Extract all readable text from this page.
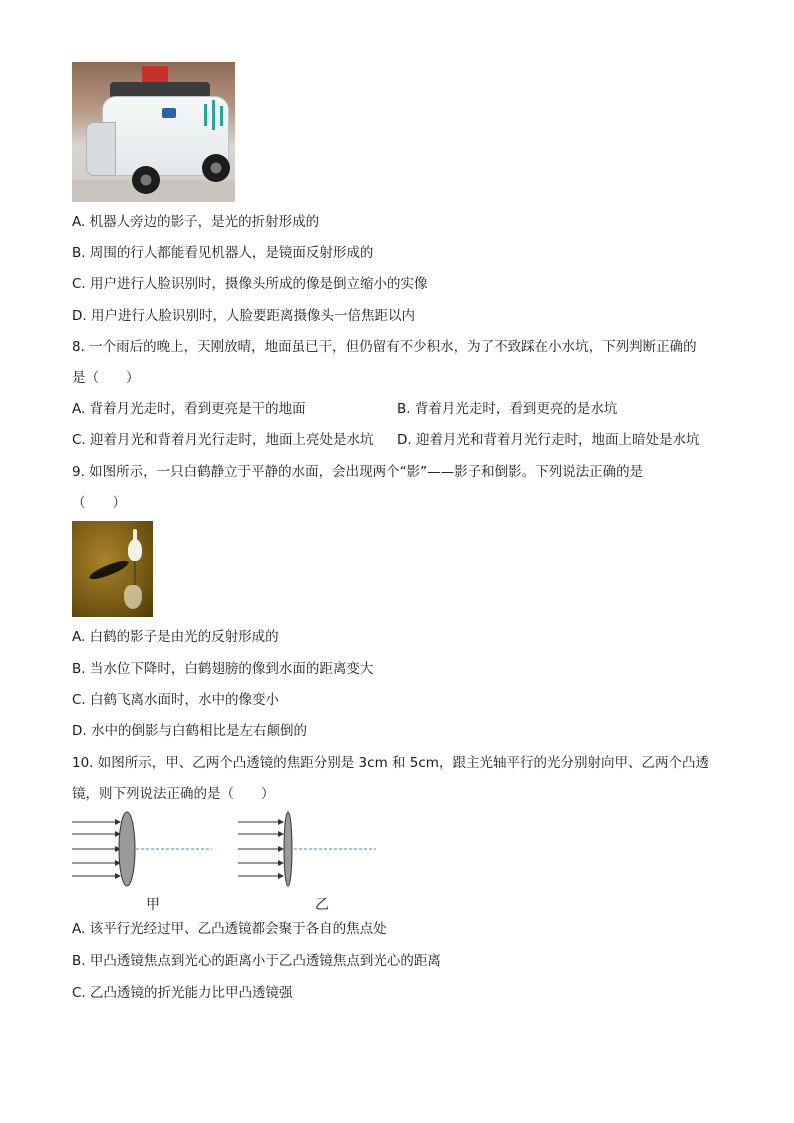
A. 机器人旁边的影子，是光的折射形成的
B. 周围的行人都能看见机器人，是镜面反射形成的
C. 用户进行人脸识别时，摄像头所成的像是倒立缩小的实像
D. 用户进行人脸识别时，人脸要距离摄像头一倍焦距以内
8. 一个雨后的晚上，天刚放晴，地面虽已干，但仍留有不少积水，为了不致踩在小水坑，下列判断正确的
是（　　）
A. 背着月光走时，看到更亮是干的地面	B. 背着月光走时，看到更亮的是水坑
C. 迎着月光和背着月光行走时，地面上亮处是水坑 D. 迎着月光和背着月光行走时，地面上暗处是水坑
9. 如图所示，一只白鹤静立于平静的水面，会出现两个“影”——影子和倒影。下列说法正确的是
（　　）
A. 白鹤的影子是由光的反射形成的
B. 当水位下降时，白鹤翅膀的像到水面的距离变大
C. 白鹤飞离水面时，水中的像变小
D. 水中的倒影与白鹤相比是左右颠倒的
10. 如图所示，甲、乙两个凸透镜的焦距分别是 3cm 和 5cm，跟主光轴平行的光分别射向甲、乙两个凸透
镜，则下列说法正确的是（　　）
甲	乙
A. 该平行光经过甲、乙凸透镜都会聚于各自的焦点处
B. 甲凸透镜焦点到光心的距离小于乙凸透镜焦点到光心的距离
C. 乙凸透镜的折光能力比甲凸透镜强
